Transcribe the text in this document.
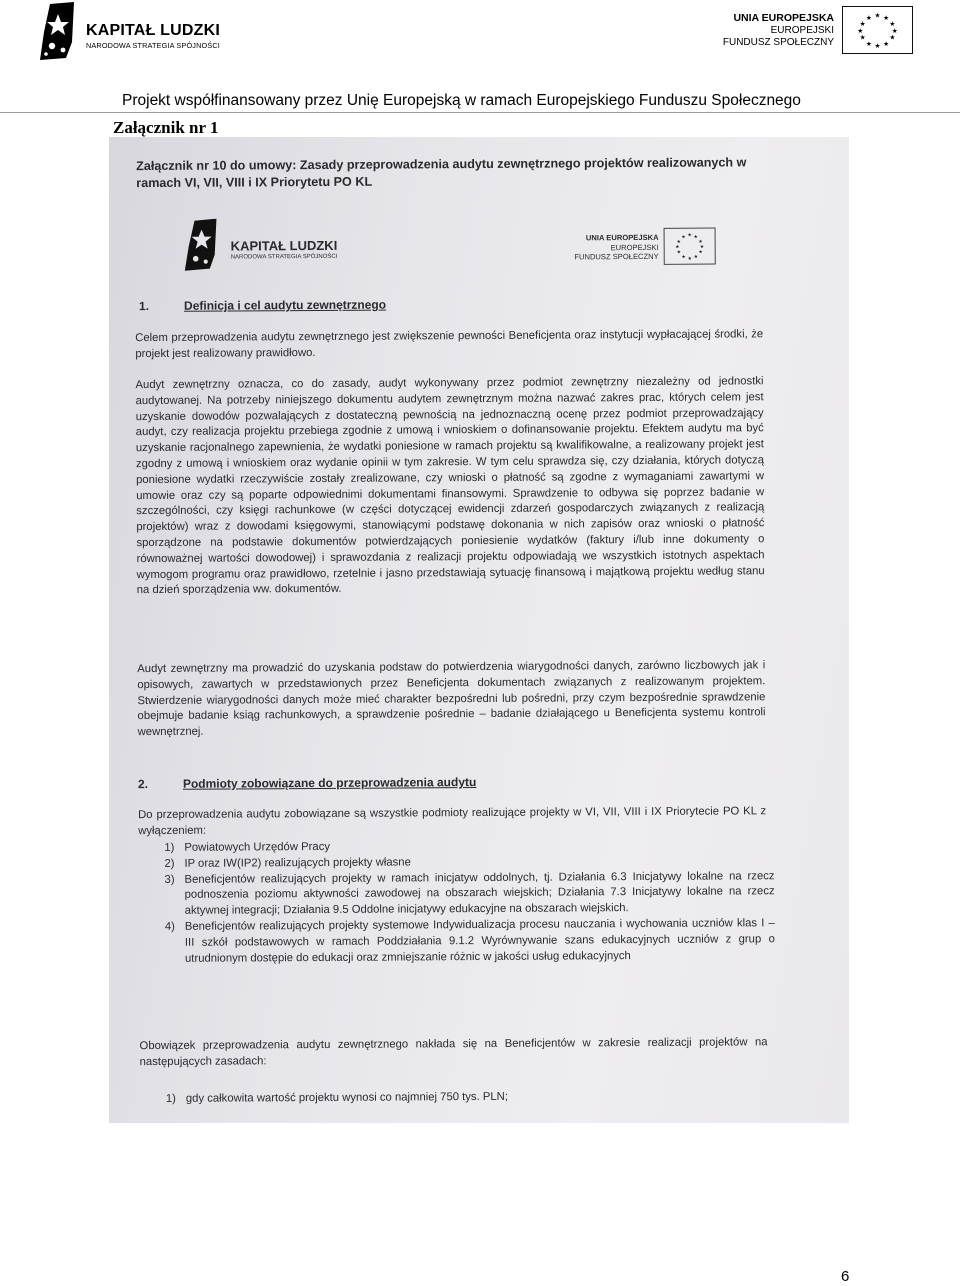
KAPITAŁ LUDZKI
NARODOWA STRATEGIA SPÓJNOŚCI
UNIA EUROPEJSKA
EUROPEJSKI
FUNDUSZ SPOŁECZNY
★ ★
★
★
★
★
★
★
★
★
★
★
Projekt współfinansowany przez Unię Europejską w ramach Europejskiego Funduszu Społecznego
Załącznik nr 1
Załącznik nr 10 do umowy: Zasady przeprowadzenia audytu zewnętrznego projektów realizowanych w ramach VI, VII, VIII i IX Priorytetu PO KL
KAPITAŁ LUDZKI
NARODOWA STRATEGIA SPÓJNOŚCI
UNIA EUROPEJSKA
EUROPEJSKI
FUNDUSZ SPOŁECZNY
★ ★
★
★
★
★
★
★
★
★
★
★
1.	Definicja i cel audytu zewnętrznego
Celem przeprowadzenia audytu zewnętrznego jest zwiększenie pewności Beneficjenta oraz instytucji wypłacającej środki, że projekt jest realizowany prawidłowo.
Audyt zewnętrzny oznacza, co do zasady, audyt wykonywany przez podmiot zewnętrzny niezależny od jednostki audytowanej. Na potrzeby niniejszego dokumentu audytem zewnętrznym można nazwać zakres prac, których celem jest uzyskanie dowodów pozwalających z dostateczną pewnością na jednoznaczną ocenę przez podmiot przeprowadzający audyt, czy realizacja projektu przebiega zgodnie z umową i wnioskiem o dofinansowanie projektu. Efektem audytu ma być uzyskanie racjonalnego zapewnienia, że wydatki poniesione w ramach projektu są kwalifikowalne, a realizowany projekt jest zgodny z umową i wnioskiem oraz wydanie opinii w tym zakresie. W tym celu sprawdza się, czy działania, których dotyczą poniesione wydatki rzeczywiście zostały zrealizowane, czy wnioski o płatność są zgodne z wymaganiami zawartymi w umowie oraz czy są poparte odpowiednimi dokumentami finansowymi. Sprawdzenie to odbywa się poprzez badanie w szczególności, czy księgi rachunkowe (w części dotyczącej ewidencji zdarzeń gospodarczych związanych z realizacją projektów) wraz z dowodami księgowymi, stanowiącymi podstawę dokonania w nich zapisów oraz wnioski o płatność sporządzone na podstawie dokumentów potwierdzających poniesienie wydatków (faktury i/lub inne dokumenty o równoważnej wartości dowodowej) i sprawozdania z realizacji projektu odpowiadają we wszystkich istotnych aspektach wymogom programu oraz prawidłowo, rzetelnie i jasno przedstawiają sytuację finansową i majątkową projektu według stanu na dzień sporządzenia ww. dokumentów.
Audyt zewnętrzny ma prowadzić do uzyskania podstaw do potwierdzenia wiarygodności danych, zarówno liczbowych jak i opisowych, zawartych w przedstawionych przez Beneficjenta dokumentach związanych z realizowanym projektem. Stwierdzenie wiarygodności danych może mieć charakter bezpośredni lub pośredni, przy czym bezpośrednie sprawdzenie obejmuje badanie ksiąg rachunkowych, a sprawdzenie pośrednie – badanie działającego u Beneficjenta systemu kontroli wewnętrznej.
2.	Podmioty zobowiązane do przeprowadzenia audytu
Do przeprowadzenia audytu zobowiązane są wszystkie podmioty realizujące projekty w VI, VII, VIII i IX Priorytecie PO KL z wyłączeniem:
1) Powiatowych Urzędów Pracy
2) IP oraz IW(IP2) realizujących projekty własne
3) Beneficjentów realizujących projekty w ramach inicjatyw oddolnych, tj. Działania 6.3 Inicjatywy lokalne na rzecz podnoszenia poziomu aktywności zawodowej na obszarach wiejskich; Działania 7.3 Inicjatywy lokalne na rzecz aktywnej integracji; Działania 9.5 Oddolne inicjatywy edukacyjne na obszarach wiejskich.
4) Beneficjentów realizujących projekty systemowe Indywidualizacja procesu nauczania i wychowania uczniów klas I – III szkół podstawowych w ramach Poddziałania 9.1.2 Wyrównywanie szans edukacyjnych uczniów z grup o utrudnionym dostępie do edukacji oraz zmniejszanie różnic w jakości usług edukacyjnych
Obowiązek przeprowadzenia audytu zewnętrznego nakłada się na Beneficjentów w zakresie realizacji projektów na następujących zasadach:
1) gdy całkowita wartość projektu wynosi co najmniej 750 tys. PLN;
6
